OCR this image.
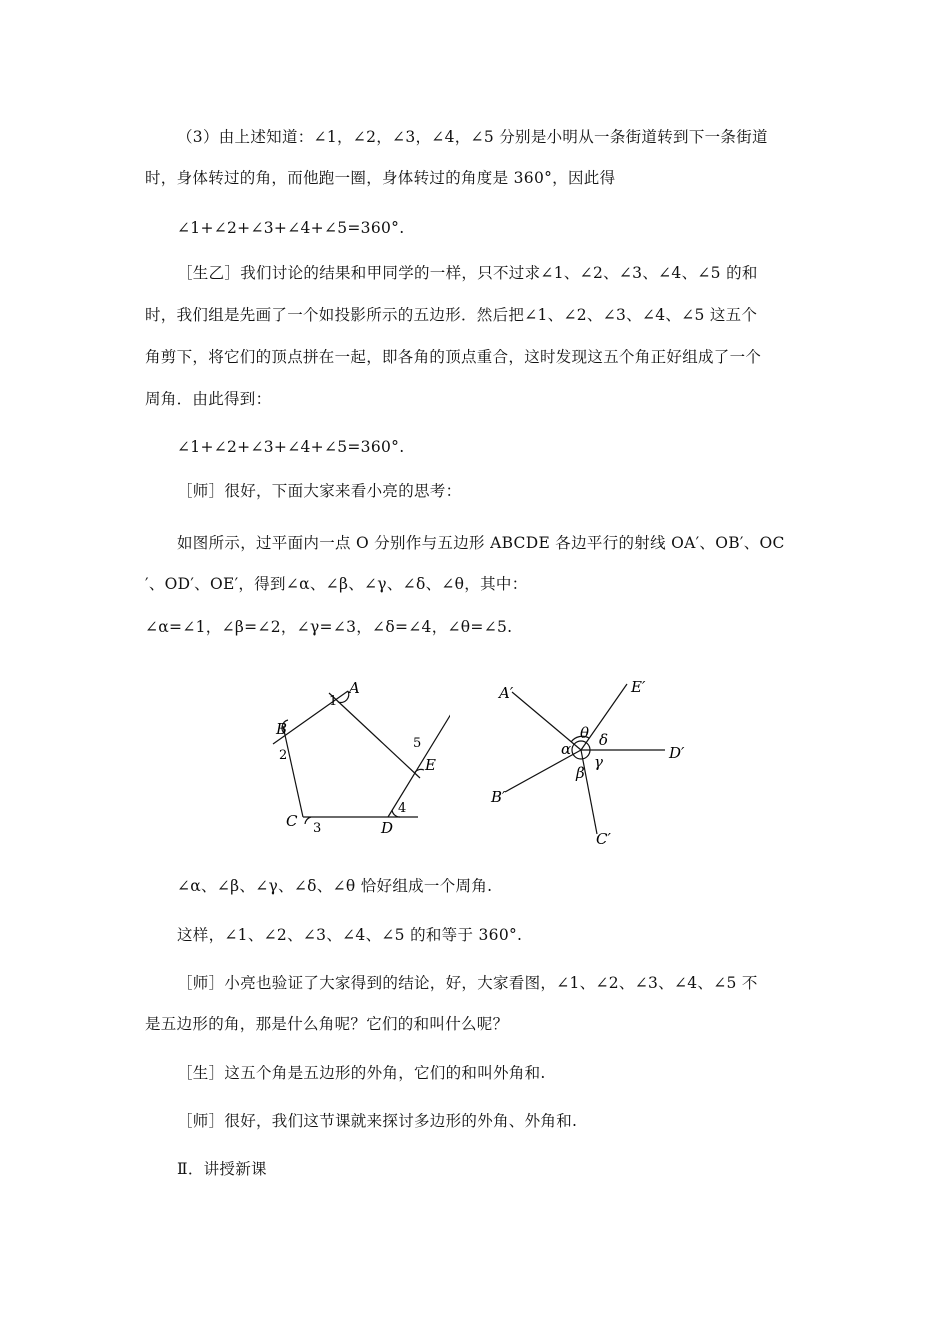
（3）由上述知道：∠1，∠2，∠3，∠4，∠5 分别是小明从一条街道转到下一条街道
时，身体转过的角，而他跑一圈，身体转过的角度是 360°，因此得
∠1+∠2+∠3+∠4+∠5=360°.
［生乙］我们讨论的结果和甲同学的一样，只不过求∠1、∠2、∠3、∠4、∠5 的和
时，我们组是先画了一个如投影所示的五边形．然后把∠1、∠2、∠3、∠4、∠5 这五个
角剪下，将它们的顶点拼在一起，即各角的顶点重合，这时发现这五个角正好组成了一个
周角．由此得到：
∠1+∠2+∠3+∠4+∠5=360°.
［师］很好，下面大家来看小亮的思考：
如图所示，过平面内一点 O 分别作与五边形 ABCDE 各边平行的射线 OA′、OB′、OC
′、OD′、OE′，得到∠α、∠β、∠γ、∠δ、∠θ，其中：
∠α=∠1，∠β=∠2，∠γ=∠3，∠δ=∠4，∠θ=∠5.
A
B
C	D
E
1
2
3
4
5
A′	E′
D′
B′
C′
θ δ
α
β
γ
∠α、∠β、∠γ、∠δ、∠θ 恰好组成一个周角.
这样，∠1、∠2、∠3、∠4、∠5 的和等于 360°.
［师］小亮也验证了大家得到的结论，好，大家看图，∠1、∠2、∠3、∠4、∠5 不
是五边形的角，那是什么角呢？它们的和叫什么呢？
［生］这五个角是五边形的外角，它们的和叫外角和.
［师］很好，我们这节课就来探讨多边形的外角、外角和.
Ⅱ．讲授新课
